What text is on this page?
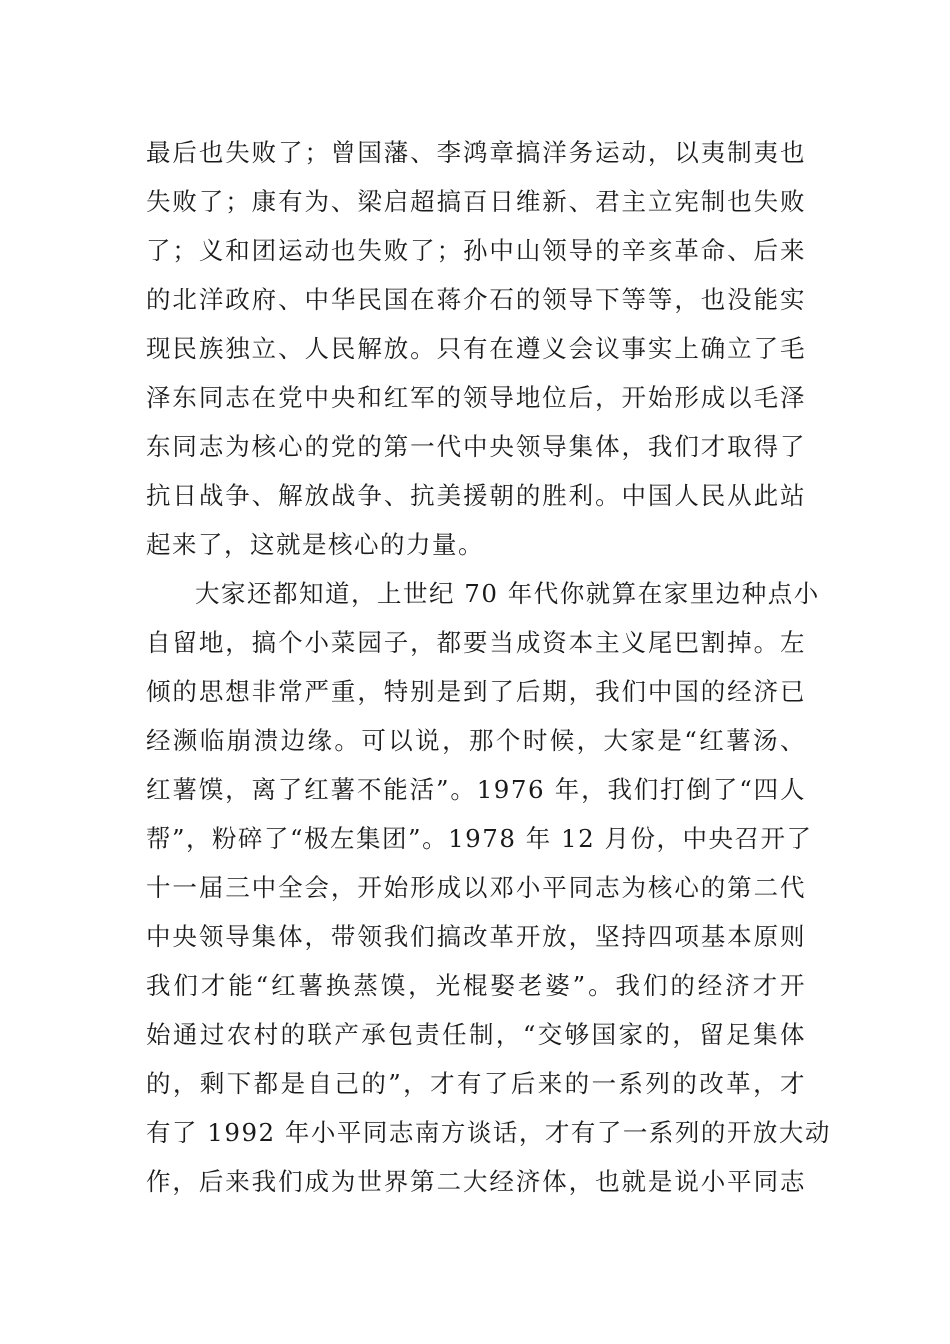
最后也失败了；曾国藩、李鸿章搞洋务运动，以夷制夷也
失败了；康有为、梁启超搞百日维新、君主立宪制也失败
了；义和团运动也失败了；孙中山领导的辛亥革命、后来
的北洋政府、中华民国在蒋介石的领导下等等，也没能实
现民族独立、人民解放。只有在遵义会议事实上确立了毛
泽东同志在党中央和红军的领导地位后，开始形成以毛泽
东同志为核心的党的第一代中央领导集体，我们才取得了
抗日战争、解放战争、抗美援朝的胜利。中国人民从此站
起来了，这就是核心的力量。
大家还都知道，上世纪 70 年代你就算在家里边种点小
自留地，搞个小菜园子，都要当成资本主义尾巴割掉。左
倾的思想非常严重，特别是到了后期，我们中国的经济已
经濒临崩溃边缘。可以说，那个时候，大家是“红薯汤、
红薯馍，离了红薯不能活”。1976 年，我们打倒了“四人
帮”，粉碎了“极左集团”。1978 年 12 月份，中央召开了
十一届三中全会，开始形成以邓小平同志为核心的第二代
中央领导集体，带领我们搞改革开放，坚持四项基本原则
我们才能“红薯换蒸馍，光棍娶老婆”。我们的经济才开
始通过农村的联产承包责任制，“交够国家的，留足集体
的，剩下都是自己的”，才有了后来的一系列的改革，才
有了 1992 年小平同志南方谈话，才有了一系列的开放大动
作，后来我们成为世界第二大经济体，也就是说小平同志
